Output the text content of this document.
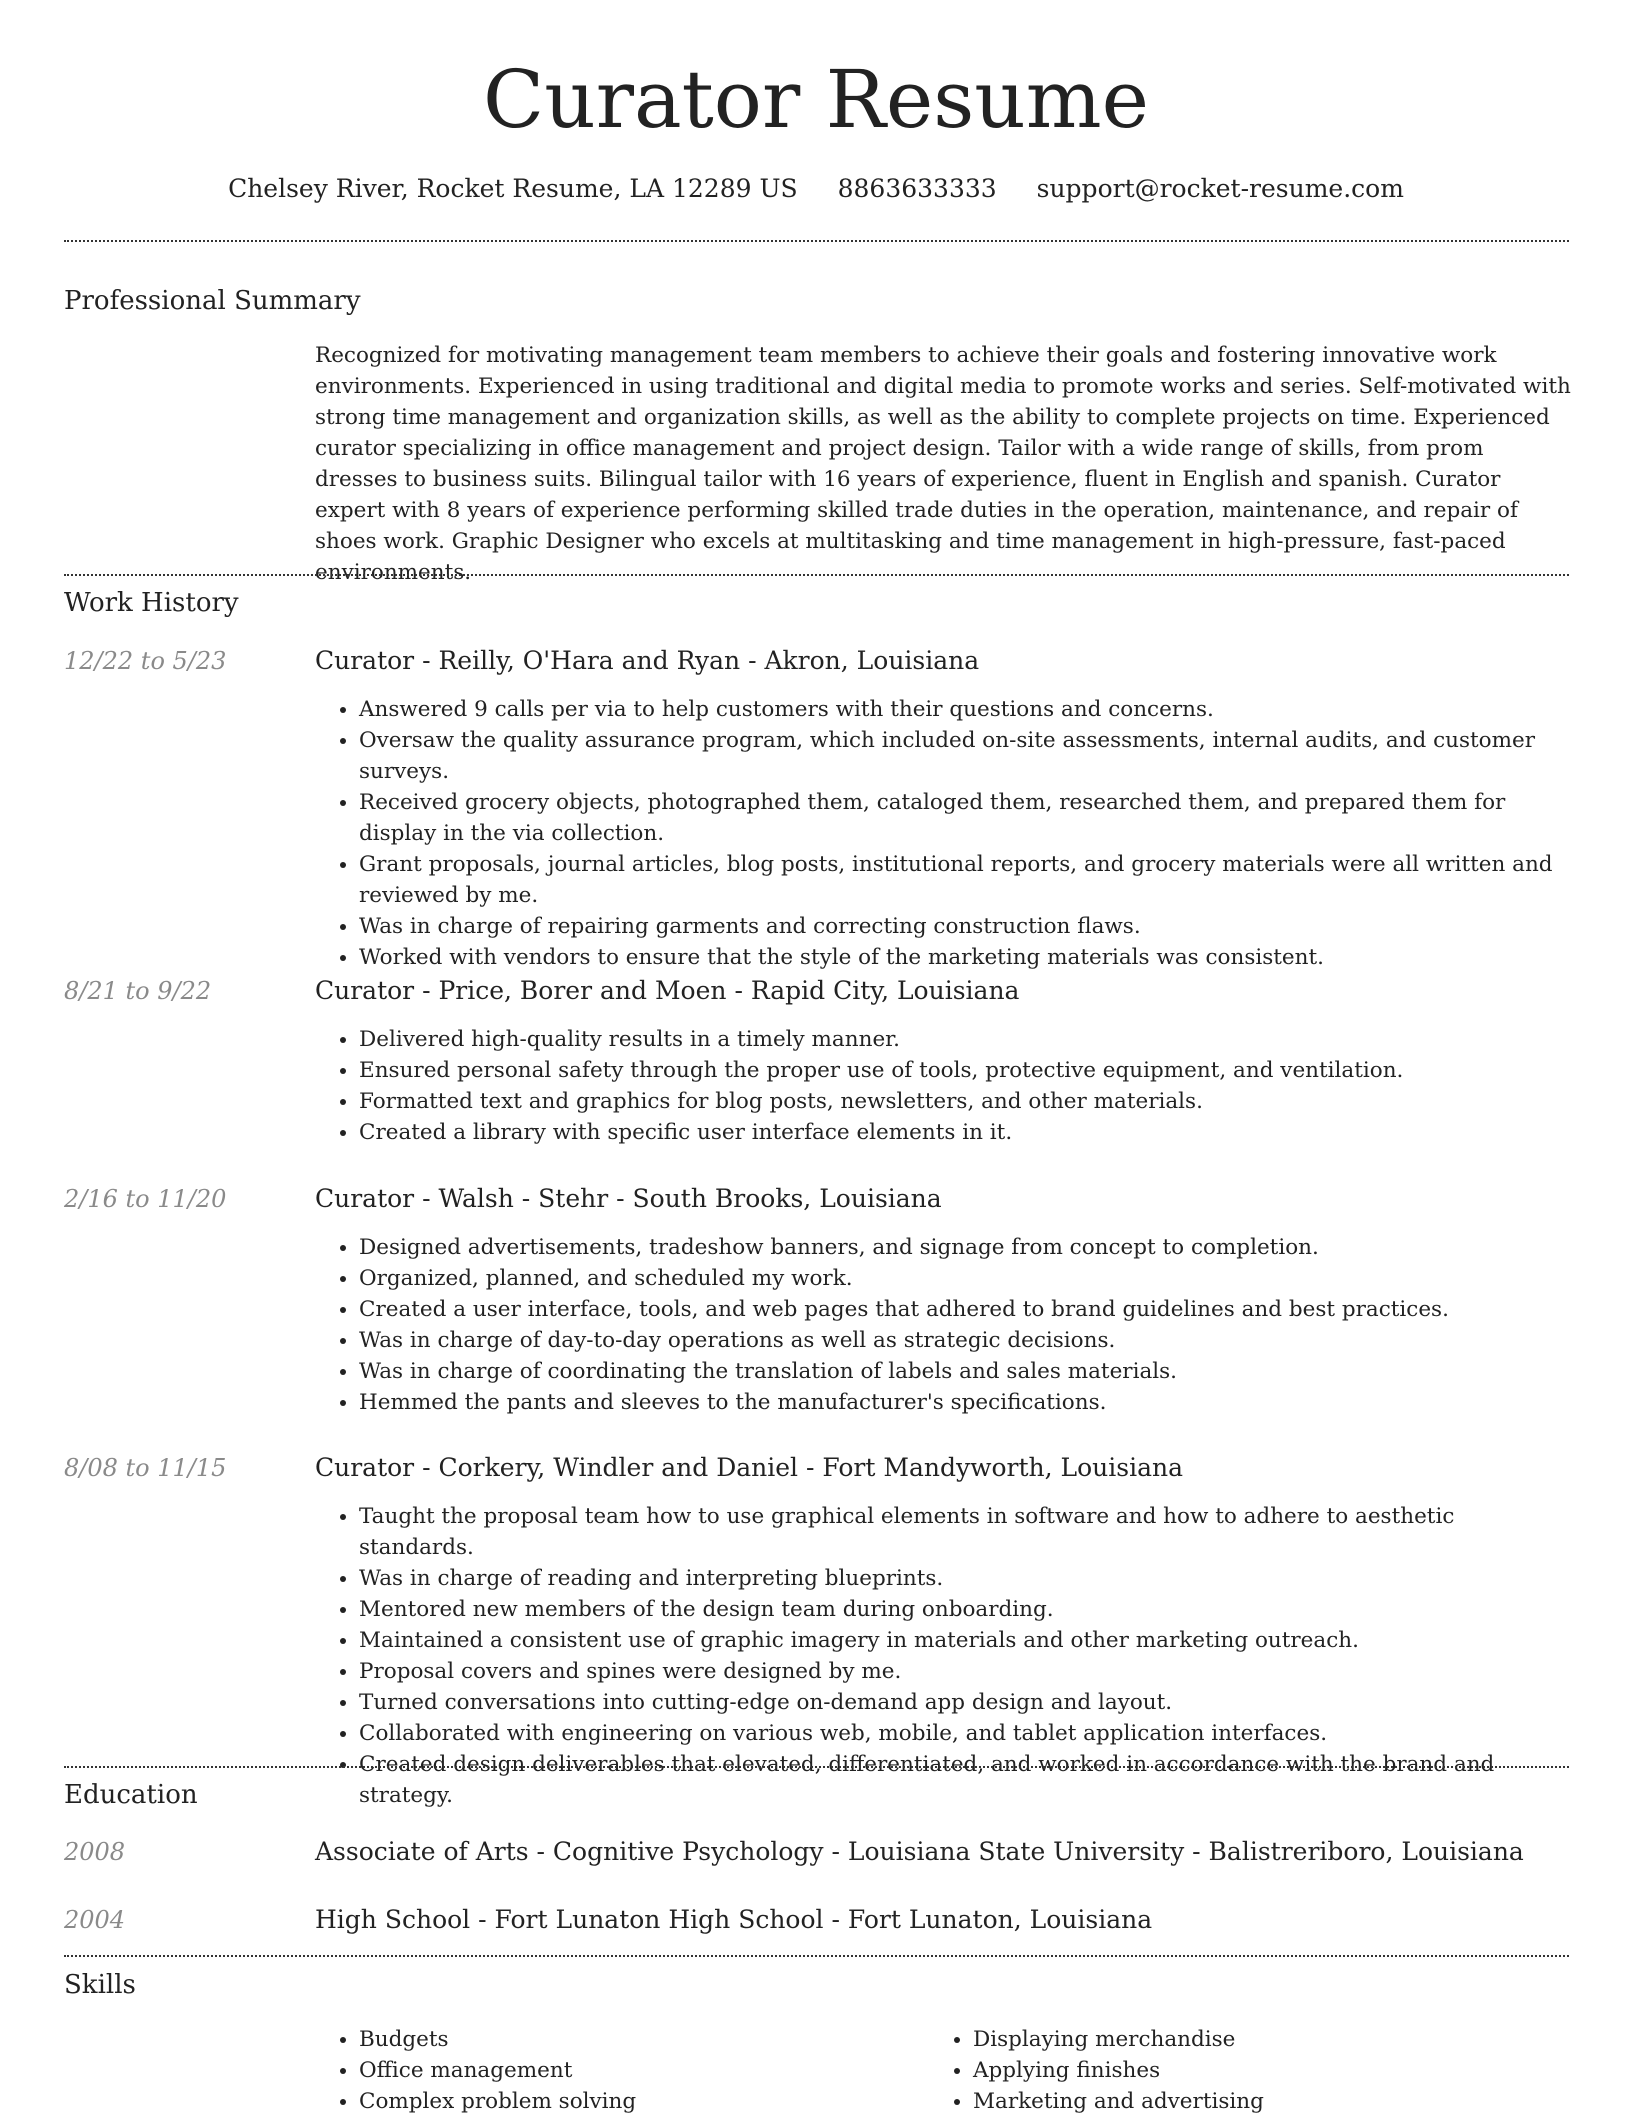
Curator Resume
Chelsey River, Rocket Resume, LA 12289 US 8863633333 support@rocket-resume.com
Professional Summary

Recognized for motivating management team members to achieve their goals and fostering innovative work environments. Experienced in using traditional and digital media to promote works and series. Self-motivated with strong time management and organization skills, as well as the ability to complete projects on time. Experienced curator specializing in office management and project design. Tailor with a wide range of skills, from prom dresses to business suits. Bilingual tailor with 16 years of experience, fluent in English and spanish. Curator expert with 8 years of experience performing skilled trade duties in the operation, maintenance, and repair of shoes work. Graphic Designer who excels at multitasking and time management in high-pressure, fast-paced environments.

Work History
12/22 to 5/23	Curator - Reilly, O'Hara and Ryan - Akron, Louisiana
• Answered 9 calls per via to help customers with their questions and concerns.
• Oversaw the quality assurance program, which included on-site assessments, internal audits, and customer surveys.
• Received grocery objects, photographed them, cataloged them, researched them, and prepared them for display in the via collection.
• Grant proposals, journal articles, blog posts, institutional reports, and grocery materials were all written and reviewed by me.
• Was in charge of repairing garments and correcting construction flaws.
• Worked with vendors to ensure that the style of the marketing materials was consistent.
8/21 to 9/22	Curator - Price, Borer and Moen - Rapid City, Louisiana
• Delivered high-quality results in a timely manner.
• Ensured personal safety through the proper use of tools, protective equipment, and ventilation.
• Formatted text and graphics for blog posts, newsletters, and other materials.
• Created a library with specific user interface elements in it.
2/16 to 11/20	Curator - Walsh - Stehr - South Brooks, Louisiana
• Designed advertisements, tradeshow banners, and signage from concept to completion.
• Organized, planned, and scheduled my work.
• Created a user interface, tools, and web pages that adhered to brand guidelines and best practices.
• Was in charge of day-to-day operations as well as strategic decisions.
• Was in charge of coordinating the translation of labels and sales materials.
• Hemmed the pants and sleeves to the manufacturer's specifications.
8/08 to 11/15	Curator - Corkery, Windler and Daniel - Fort Mandyworth, Louisiana
• Taught the proposal team how to use graphical elements in software and how to adhere to aesthetic standards.
• Was in charge of reading and interpreting blueprints.
• Mentored new members of the design team during onboarding.
• Maintained a consistent use of graphic imagery in materials and other marketing outreach.
• Proposal covers and spines were designed by me.
• Turned conversations into cutting-edge on-demand app design and layout.
• Collaborated with engineering on various web, mobile, and tablet application interfaces.
• Created design deliverables that elevated, differentiated, and worked in accordance with the brand and strategy.
Education
2008	Associate of Arts - Cognitive Psychology - Louisiana State University - Balistreriboro, Louisiana
2004	High School - Fort Lunaton High School - Fort Lunaton, Louisiana
Skills
• Budgets
• Office management
• Complex problem solving
• Displaying merchandise
• Applying finishes
• Marketing and advertising
